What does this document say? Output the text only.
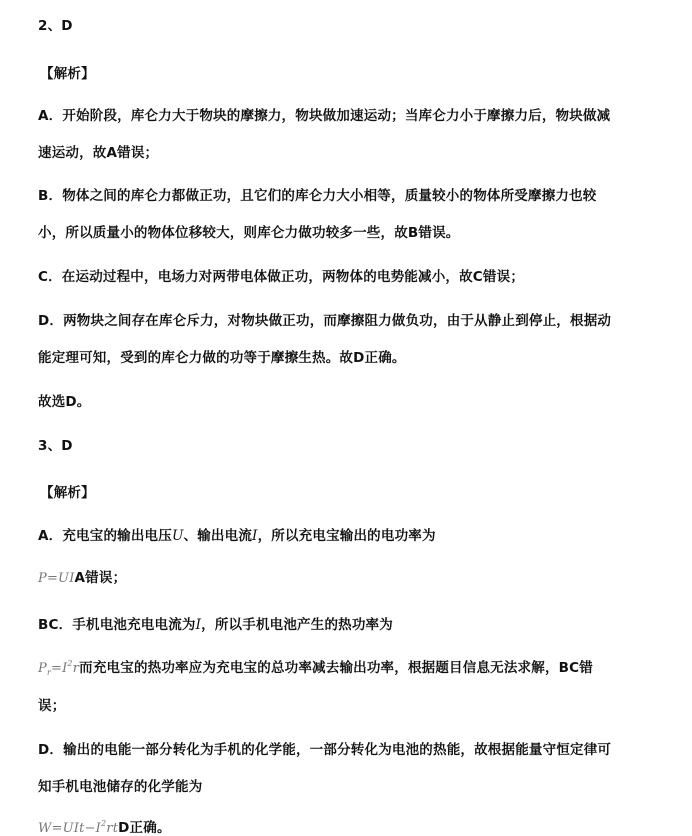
2、D
【解析】
A．开始阶段，库仑力大于物块的摩擦力，物块做加速运动；当库仑力小于摩擦力后，物块做减
速运动，故A错误；
B．物体之间的库仑力都做正功，且它们的库仑力大小相等，质量较小的物体所受摩擦力也较
小，所以质量小的物体位移较大，则库仑力做功较多一些，故B错误。
C．在运动过程中，电场力对两带电体做正功，两物体的电势能减小，故C错误；
D．两物块之间存在库仑斥力，对物块做正功，而摩擦阻力做负功，由于从静止到停止，根据动
能定理可知，受到的库仑力做的功等于摩擦生热。故D正确。
故选D。
3、D
【解析】
A．充电宝的输出电压U、输出电流I，所以充电宝输出的电功率为
P=UIA错误；
BC．手机电池充电电流为I，所以手机电池产生的热功率为
$P_r=I^2r$而充电宝的热功率应为充电宝的总功率减去输出功率，根据题目信息无法求解，BC错
误；
D．输出的电能一部分转化为手机的化学能，一部分转化为电池的热能，故根据能量守恒定律可
知手机电池储存的化学能为
$W=UIt-I^2rtD$正确。
